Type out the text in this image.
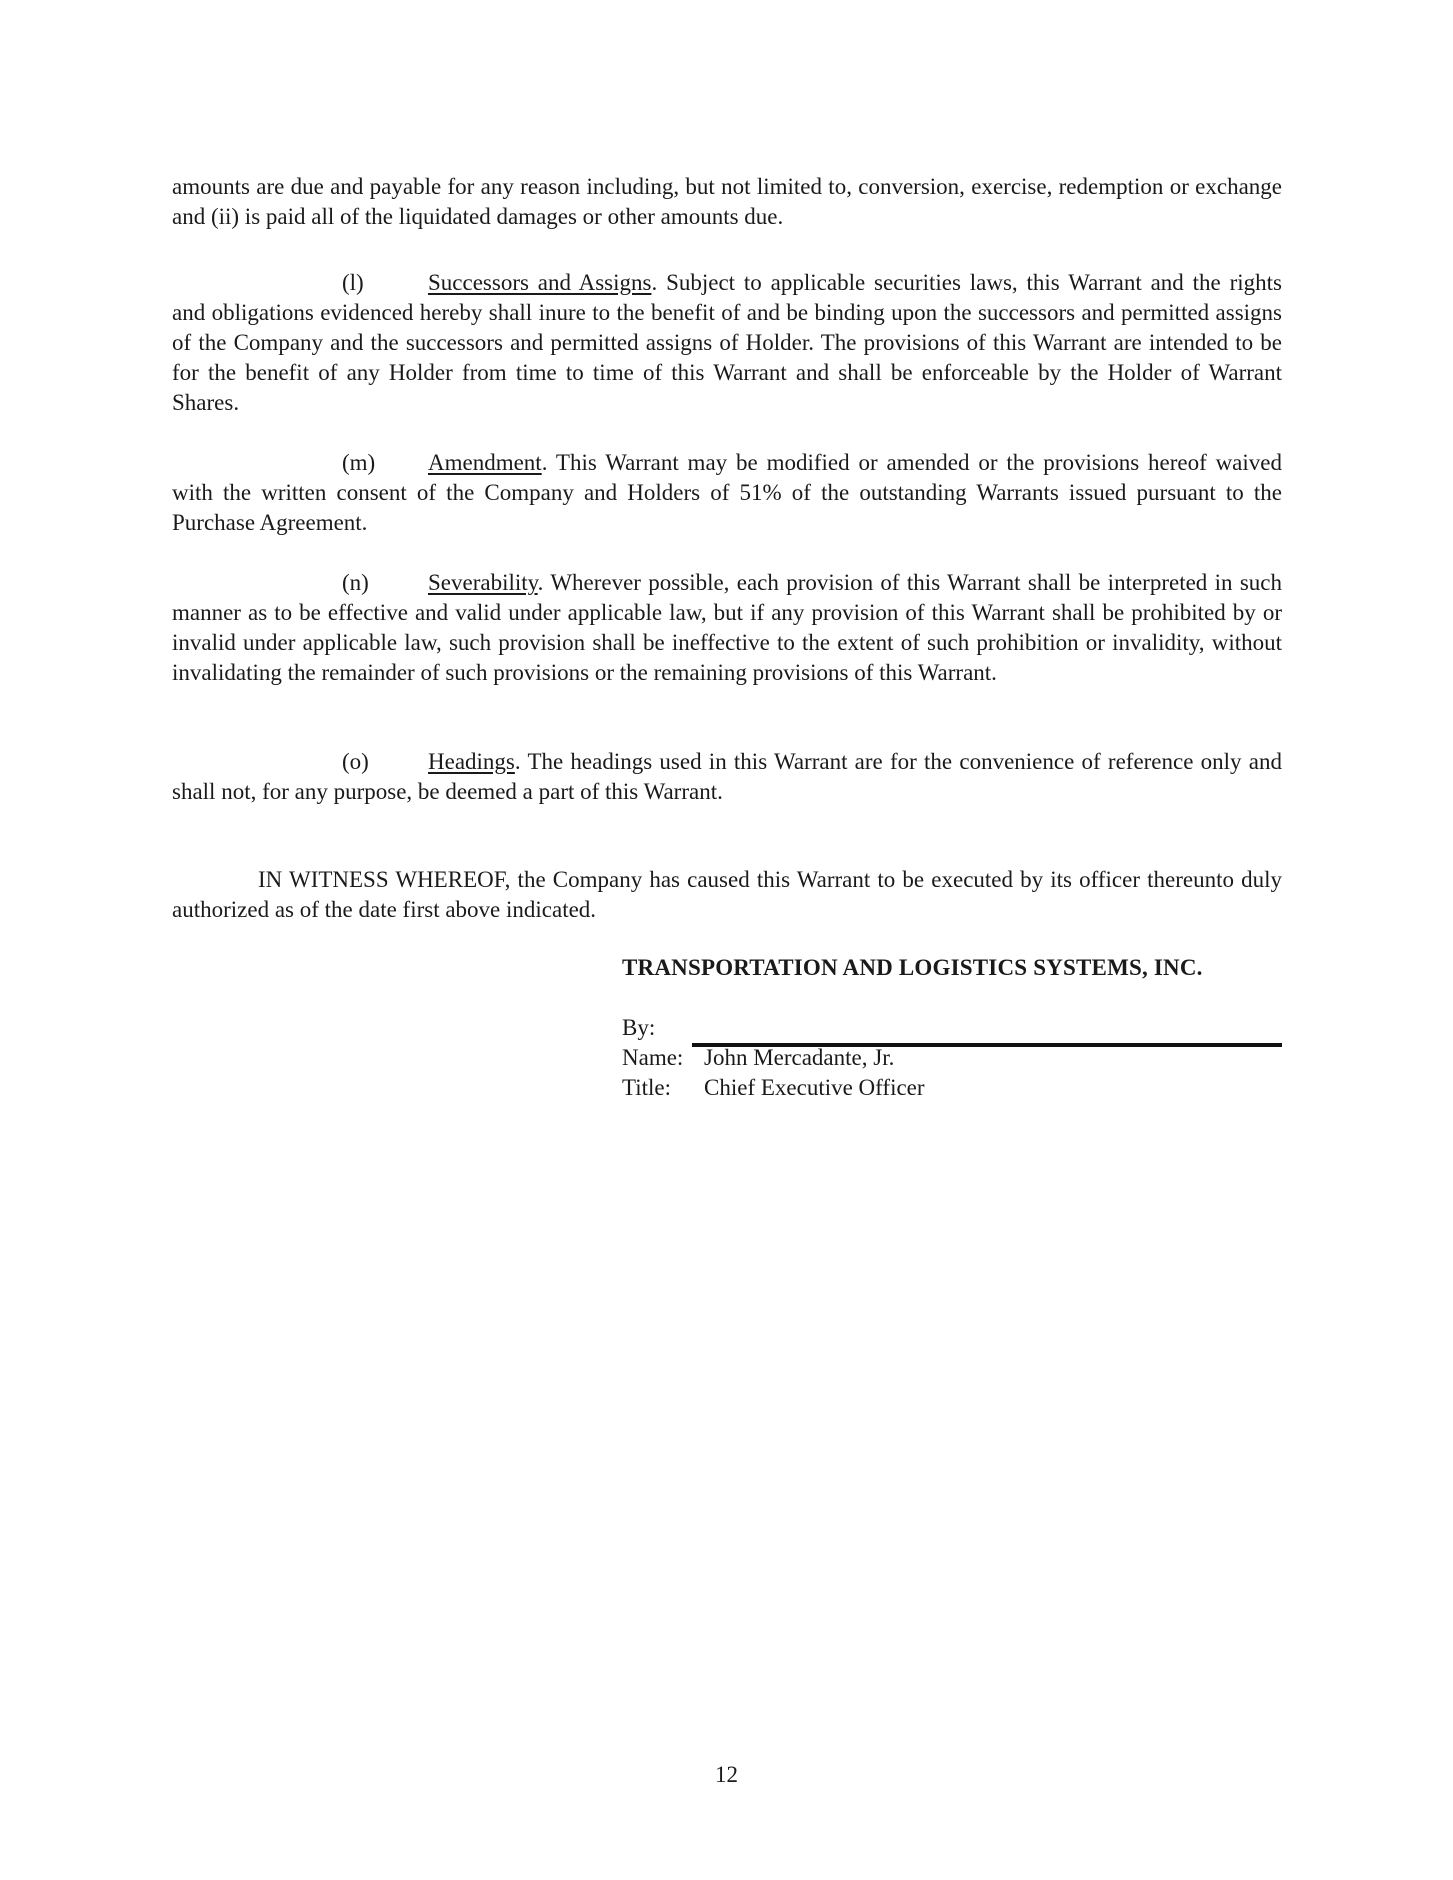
amounts are due and payable for any reason including, but not limited to, conversion, exercise, redemption or exchange and (ii) is paid all of the liquidated damages or other amounts due.
(l)	Successors and Assigns. Subject to applicable securities laws, this Warrant and the rights and obligations evidenced hereby shall inure to the benefit of and be binding upon the successors and permitted assigns of the Company and the successors and permitted assigns of Holder. The provisions of this Warrant are intended to be for the benefit of any Holder from time to time of this Warrant and shall be enforceable by the Holder of Warrant Shares.
(m) Amendment. This Warrant may be modified or amended or the provisions hereof waived with the written consent of the Company and Holders of 51% of the outstanding Warrants issued pursuant to the Purchase Agreement.
(n)	Severability. Wherever possible, each provision of this Warrant shall be interpreted in such manner as to be effective and valid under applicable law, but if any provision of this Warrant shall be prohibited by or invalid under applicable law, such provision shall be ineffective to the extent of such prohibition or invalidity, without invalidating the remainder of such provisions or the remaining provisions of this Warrant.
(o)	Headings. The headings used in this Warrant are for the convenience of reference only and shall not, for any purpose, be deemed a part of this Warrant.
IN WITNESS WHEREOF, the Company has caused this Warrant to be executed by its officer thereunto duly authorized as of the date first above indicated.
TRANSPORTATION AND LOGISTICS SYSTEMS, INC.
By:
Name: John Mercadante, Jr.
Title: Chief Executive Officer
12
